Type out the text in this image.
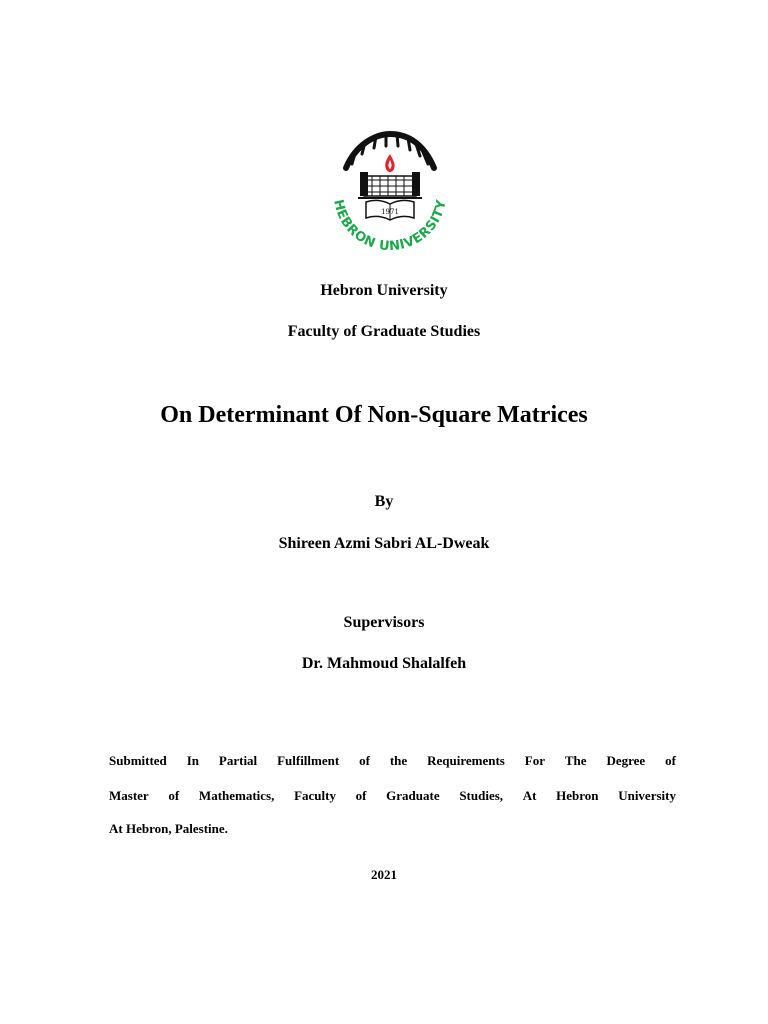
1971
HEBRON UNIVERSITY
Hebron University
Faculty of Graduate Studies
On Determinant Of Non-Square Matrices
By
Shireen Azmi Sabri AL-Dweak
Supervisors
Dr. Mahmoud Shalalfeh
Submitted In Partial Fulfillment of the Requirements For The Degree of
Master of Mathematics, Faculty of Graduate Studies, At Hebron University
At Hebron, Palestine.
2021
